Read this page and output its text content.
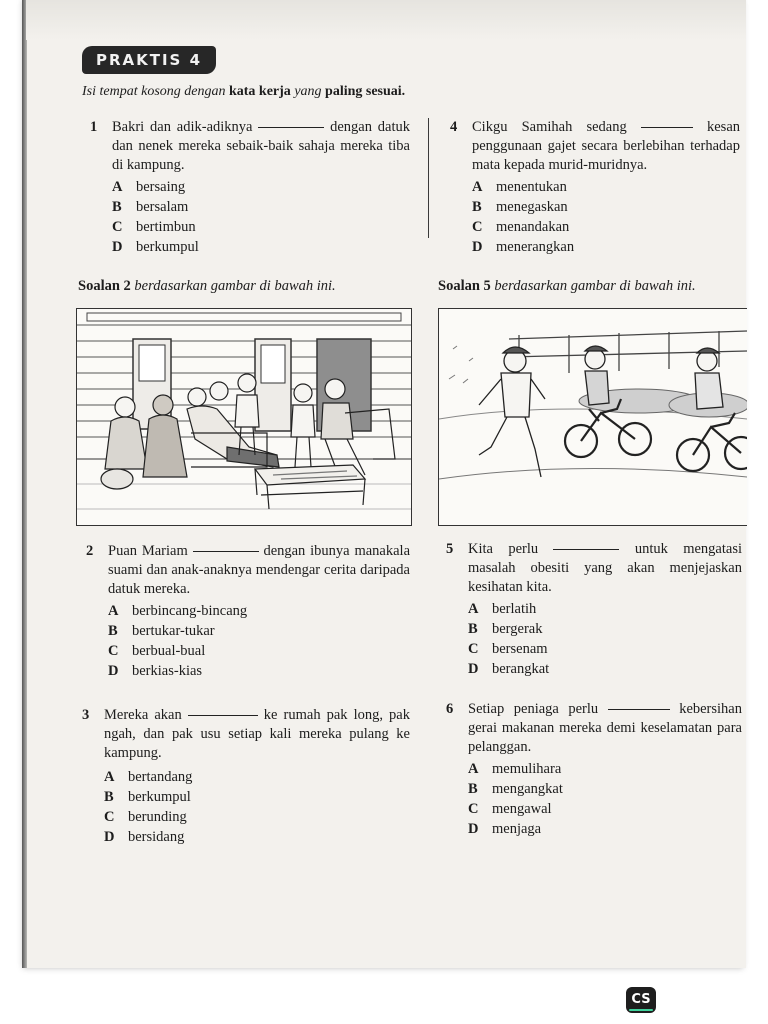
PRAKTIS 4
Isi tempat kosong dengan kata kerja yang paling sesuai.
1 Bakri dan adik-adiknya	dengan datuk dan nenek mereka sebaik-baik sahaja mereka tiba di kampung.
A bersaing
B bersalam
C bertimbun
D berkumpul
4 Cikgu Samihah sedang	kesan penggunaan gajet secara berlebihan terhadap mata kepada murid-muridnya.
A menentukan
B menegaskan
C menandakan
D menerangkan
Soalan 2 berdasarkan gambar di bawah ini.	Soalan 5 berdasarkan gambar di bawah ini.
2 Puan Mariam	dengan ibunya manakala suami dan anak-anaknya mendengar cerita daripada datuk mereka.
A berbincang-bincang
B bertukar-tukar
C berbual-bual
D berkias-kias
5 Kita perlu	untuk mengatasi masalah obesiti yang akan menjejaskan kesihatan kita.
A berlatih
B bergerak
C bersenam
D berangkat
3 Mereka akan	ke rumah pak long, pak ngah, dan pak usu setiap kali mereka pulang ke kampung.
A bertandang
B berkumpul
C berunding
D bersidang
6 Setiap peniaga perlu	kebersihan gerai makanan mereka demi keselamatan para pelanggan.
A memulihara
B mengangkat
C mengawal
D menjaga
CS
